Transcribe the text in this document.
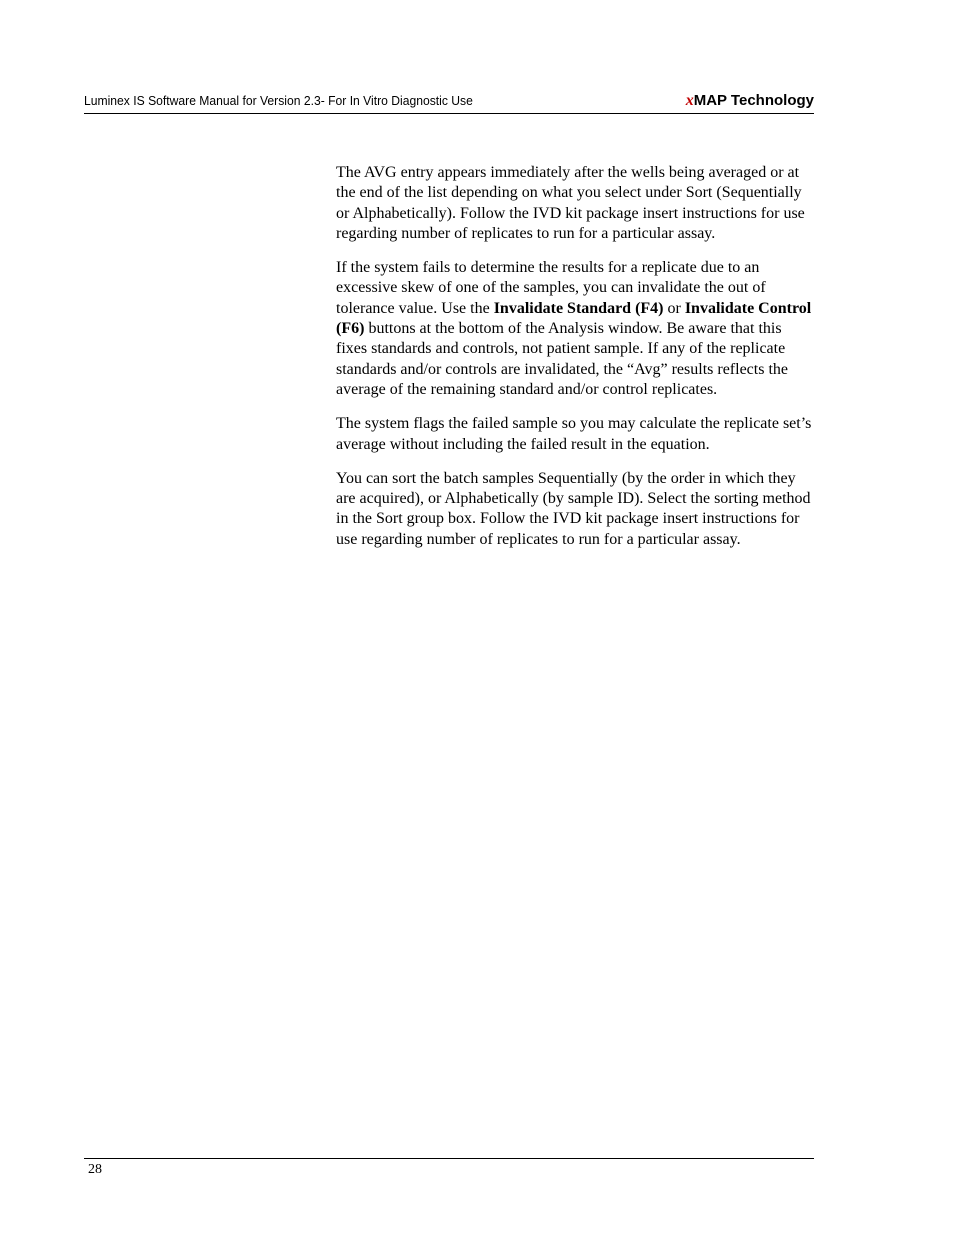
Luminex IS Software Manual for Version 2.3- For In Vitro Diagnostic Use	xMAP Technology

The AVG entry appears immediately after the wells being averaged or at the end of the list depending on what you select under Sort (Sequentially or Alphabetically). Follow the IVD kit package insert instructions for use regarding number of replicates to run for a particular assay.

If the system fails to determine the results for a replicate due to an excessive skew of one of the samples, you can invalidate the out of tolerance value. Use the Invalidate Standard (F4) or Invalidate Control (F6) buttons at the bottom of the Analysis window. Be aware that this fixes standards and controls, not patient sample. If any of the replicate standards and/or controls are invalidated, the “Avg” results reflects the average of the remaining standard and/or control replicates.

The system flags the failed sample so you may calculate the replicate set’s average without including the failed result in the equation.

You can sort the batch samples Sequentially (by the order in which they are acquired), or Alphabetically (by sample ID). Select the sorting method in the Sort group box. Follow the IVD kit package insert instructions for use regarding number of replicates to run for a particular assay.

28
